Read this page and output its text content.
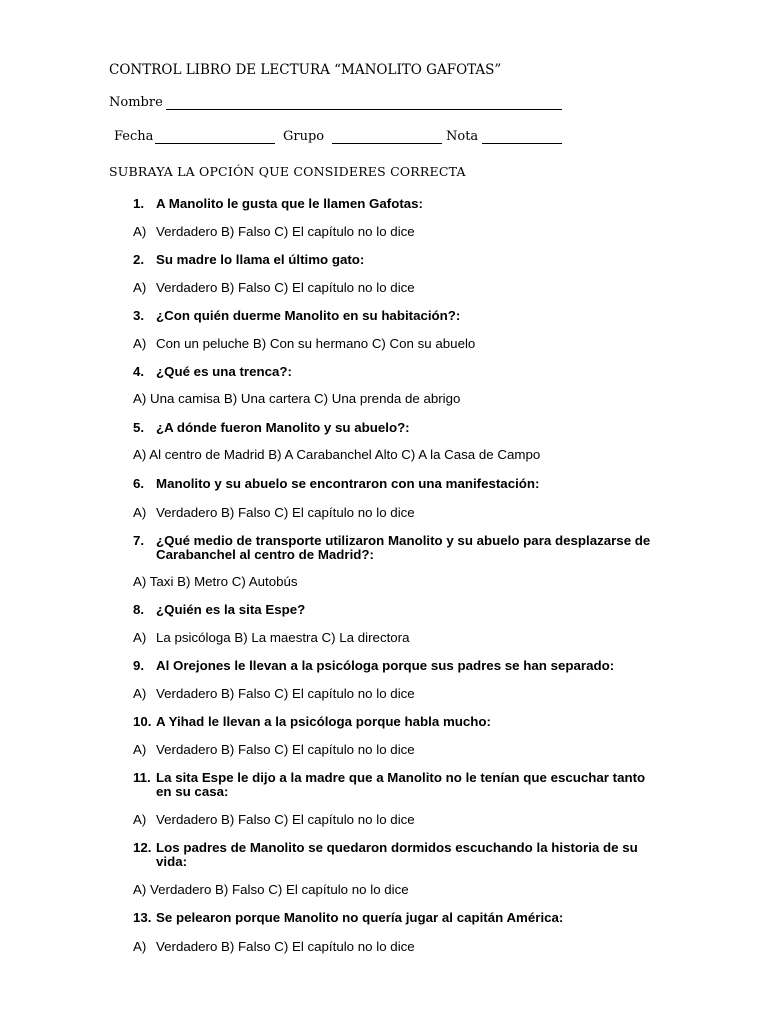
CONTROL LIBRO DE LECTURA “MANOLITO GAFOTAS”
Nombre
Fecha	Grupo	Nota
SUBRAYA LA OPCIÓN QUE CONSIDERES CORRECTA
1. A Manolito le gusta que le llamen Gafotas:
A) Verdadero B) Falso C) El capítulo no lo dice
2. Su madre lo llama el último gato:
A) Verdadero B) Falso C) El capítulo no lo dice
3. ¿Con quién duerme Manolito en su habitación?:
A) Con un peluche B) Con su hermano C) Con su abuelo
4. ¿Qué es una trenca?:
A) Una camisa B) Una cartera C) Una prenda de abrigo
5. ¿A dónde fueron Manolito y su abuelo?:
A) Al centro de Madrid B) A Carabanchel Alto C) A la Casa de Campo
6. Manolito y su abuelo se encontraron con una manifestación:
A) Verdadero B) Falso C) El capítulo no lo dice
7. ¿Qué medio de transporte utilizaron Manolito y su abuelo para desplazarse de Carabanchel al centro de Madrid?:
A) Taxi B) Metro C) Autobús
8. ¿Quién es la sita Espe?
A) La psicóloga B) La maestra C) La directora
9. Al Orejones le llevan a la psicóloga porque sus padres se han separado:
A) Verdadero B) Falso C) El capítulo no lo dice
10. A Yihad le llevan a la psicóloga porque habla mucho:
A) Verdadero B) Falso C) El capítulo no lo dice
11. La sita Espe le dijo a la madre que a Manolito no le tenían que escuchar tanto en su casa:
A) Verdadero B) Falso C) El capítulo no lo dice
12. Los padres de Manolito se quedaron dormidos escuchando la historia de su vida:
A) Verdadero B) Falso C) El capítulo no lo dice
13. Se pelearon porque Manolito no quería jugar al capitán América:
A) Verdadero B) Falso C) El capítulo no lo dice
